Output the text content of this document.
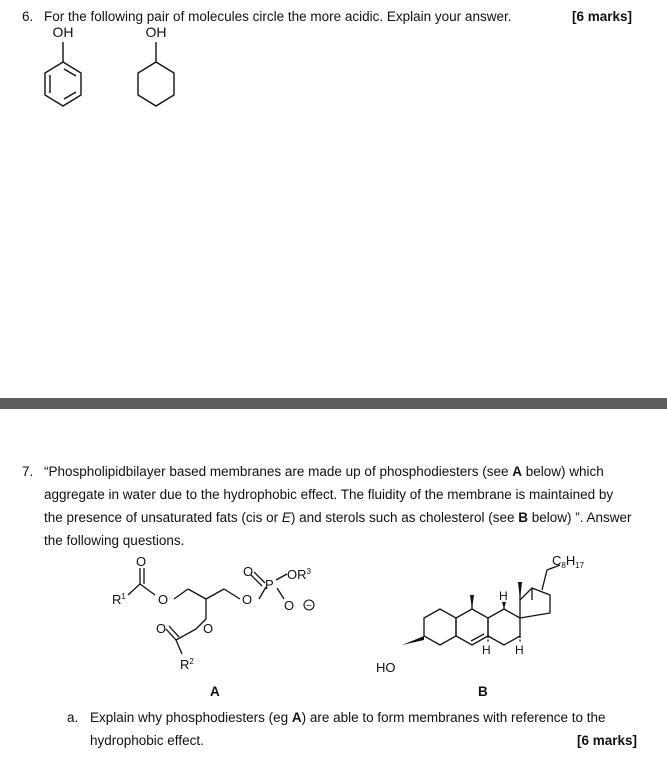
6. For the following pair of molecules circle the more acidic. Explain your answer.	[6 marks]
OH	OH
7. “Phospholipidbilayer based membranes are made up of phosphodiesters (see A below) which
aggregate in water due to the hydrophobic effect. The fluidity of the membrane is maintained by
the presence of unsaturated fats (cis or E) and sterols such as cholesterol (see B below) ”. Answer
the following questions.
$R^1$
O
O
O
O
O
O
P
$OR^3$
O −
$R^2$
A
HO
$C_8H_{17}$
H
H H
B
a. Explain why phosphodiesters (eg A) are able to form membranes with reference to the
hydrophobic effect.	[6 marks]
